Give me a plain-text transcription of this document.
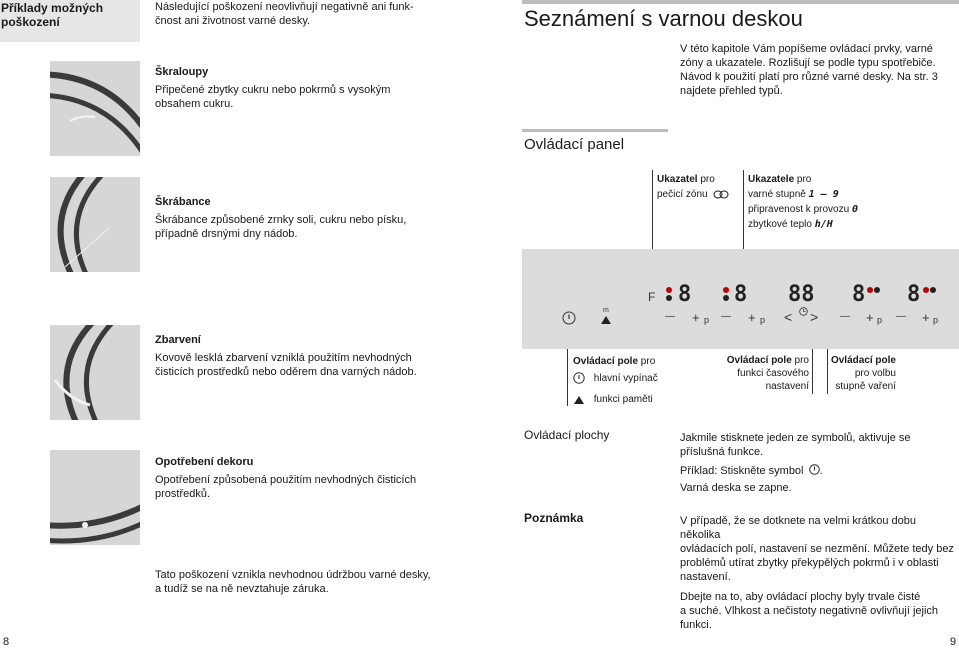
Příklady možných
poškození
Následující poškození neovlivňují negativně ani funk-
čnost ani životnost varné desky.
Škraloupy
Připečené zbytky cukru nebo pokrmů s vysokým
obsahem cukru.
Škrábance
Škrábance způsobené zrnky soli, cukru nebo písku,
případně drsnými dny nádob.
Zbarvení
Kovově lesklá zbarvení vzniklá použitím nevhodných
čisticích prostředků nebo oděrem dna varných nádob.
Opotřebení dekoru
Opotřebení způsobená použitím nevhodných čisticích
prostředků.
Tato poškození vznikla nevhodnou údržbou varné desky,
a tudíž se na ně nevztahuje záruka.
8
Seznámení s varnou deskou
V této kapitole Vám popíšeme ovládací prvky, varné
zóny a ukazatele. Rozlišují se podle typu spotřebiče.
Návod k použití platí pro různé varné desky. Na str. 3
najdete přehled typů.
Ovládací panel
Ukazatel pro
pečicí zónu
Ukazatele pro
varné stupně 1 – 9
připravenost k provozu 0
zbytkové teplo h/H
F 8 8 88 8 8
m
— + p — + p < > — + p — + p
Ovládací pole pro
hlavní vypínač
funkci paměti
Ovládací pole pro
funkci časového
nastavení
Ovládací pole
pro volbu
stupně vaření
Ovládací plochy	Jakmile stisknete jeden ze symbolů, aktivuje se
příslušná funkce.
Příklad: Stiskněte symbol .
Varná deska se zapne.
Poznámka	V případě, že se dotknete na velmi krátkou dobu několika
ovládacích polí, nastavení se nezmění. Můžete tedy bez
problémů utírat zbytky překypělých pokrmů i v oblasti
nastavení.
Dbejte na to, aby ovládací plochy byly trvale čisté
a suché. Vlhkost a nečistoty negativně ovlivňují jejich
funkci.
9
